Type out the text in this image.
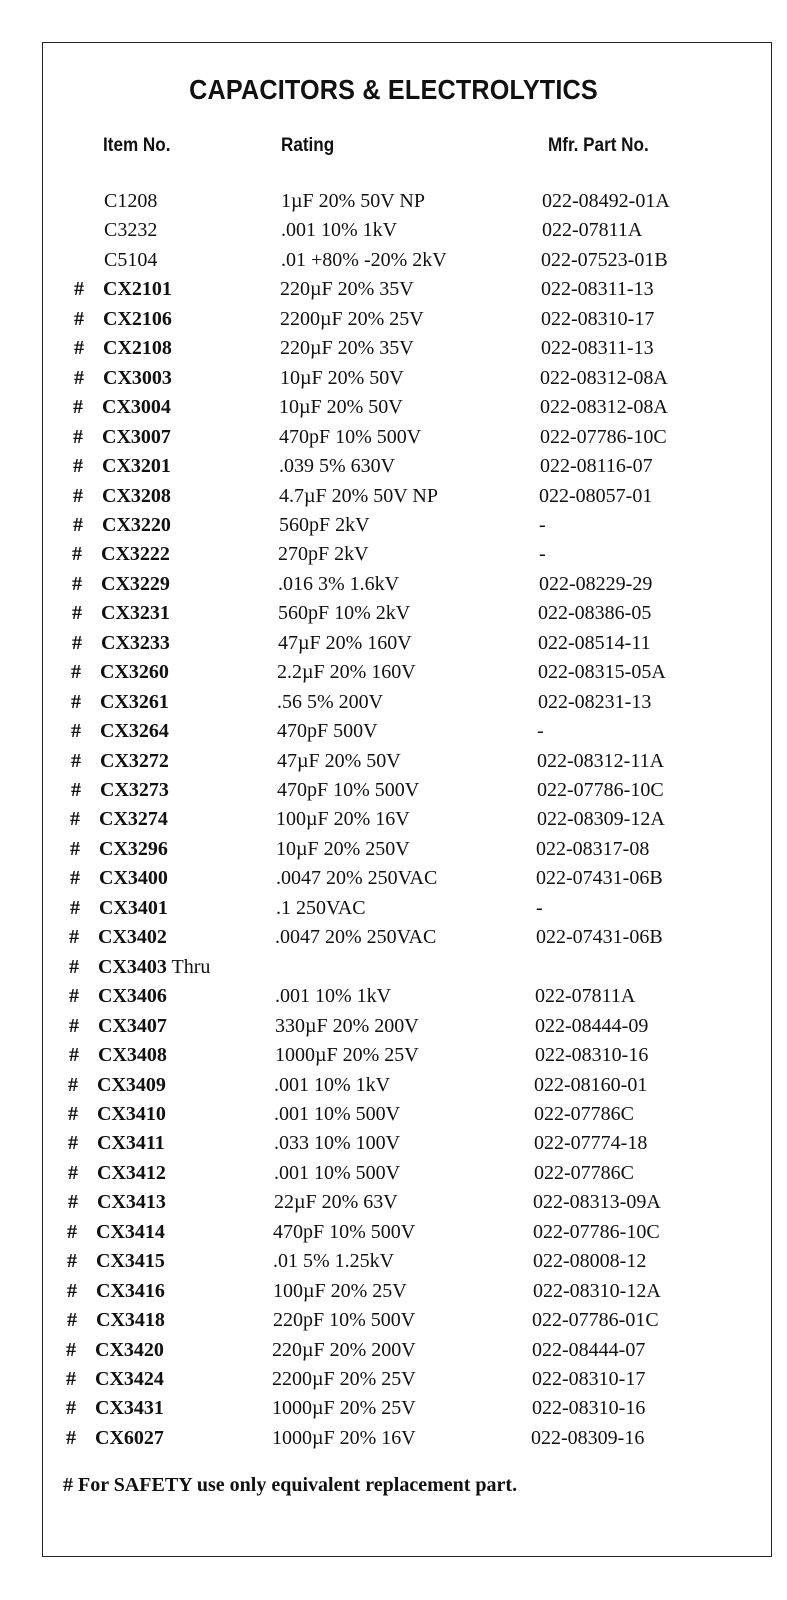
CAPACITORS & ELECTROLYTICS
Item No.	Rating	Mfr. Part No.
C1208	1µF 20% 50V NP	022-08492-01A
C3232	.001 10% 1kV	022-07811A
C5104	.01 +80% -20% 2kV	022-07523-01B
# CX2101	220µF 20% 35V	022-08311-13
# CX2106	2200µF 20% 25V	022-08310-17
# CX2108	220µF 20% 35V	022-08311-13
# CX3003	10µF 20% 50V	022-08312-08A
# CX3004	10µF 20% 50V	022-08312-08A
# CX3007	470pF 10% 500V	022-07786-10C
# CX3201	.039 5% 630V	022-08116-07
# CX3208	4.7µF 20% 50V NP	022-08057-01
# CX3220	560pF 2kV	-
# CX3222	270pF 2kV	-
# CX3229	.016 3% 1.6kV	022-08229-29
# CX3231	560pF 10% 2kV	022-08386-05
# CX3233	47µF 20% 160V	022-08514-11
# CX3260	2.2µF 20% 160V	022-08315-05A
# CX3261	.56 5% 200V	022-08231-13
# CX3264	470pF 500V	-
# CX3272	47µF 20% 50V	022-08312-11A
# CX3273	470pF 10% 500V	022-07786-10C
# CX3274	100µF 20% 16V	022-08309-12A
# CX3296	10µF 20% 250V	022-08317-08
# CX3400	.0047 20% 250VAC	022-07431-06B
# CX3401	.1 250VAC	-
# CX3402	.0047 20% 250VAC	022-07431-06B
# CX3403 Thru
# CX3406	.001 10% 1kV	022-07811A
# CX3407	330µF 20% 200V	022-08444-09
# CX3408	1000µF 20% 25V	022-08310-16
# CX3409	.001 10% 1kV	022-08160-01
# CX3410	.001 10% 500V	022-07786C
# CX3411	.033 10% 100V	022-07774-18
# CX3412	.001 10% 500V	022-07786C
# CX3413	22µF 20% 63V	022-08313-09A
# CX3414	470pF 10% 500V	022-07786-10C
# CX3415	.01 5% 1.25kV	022-08008-12
# CX3416	100µF 20% 25V	022-08310-12A
# CX3418	220pF 10% 500V	022-07786-01C
# CX3420	220µF 20% 200V	022-08444-07
# CX3424	2200µF 20% 25V	022-08310-17
# CX3431	1000µF 20% 25V	022-08310-16
# CX6027	1000µF 20% 16V	022-08309-16
# For SAFETY use only equivalent replacement part.
